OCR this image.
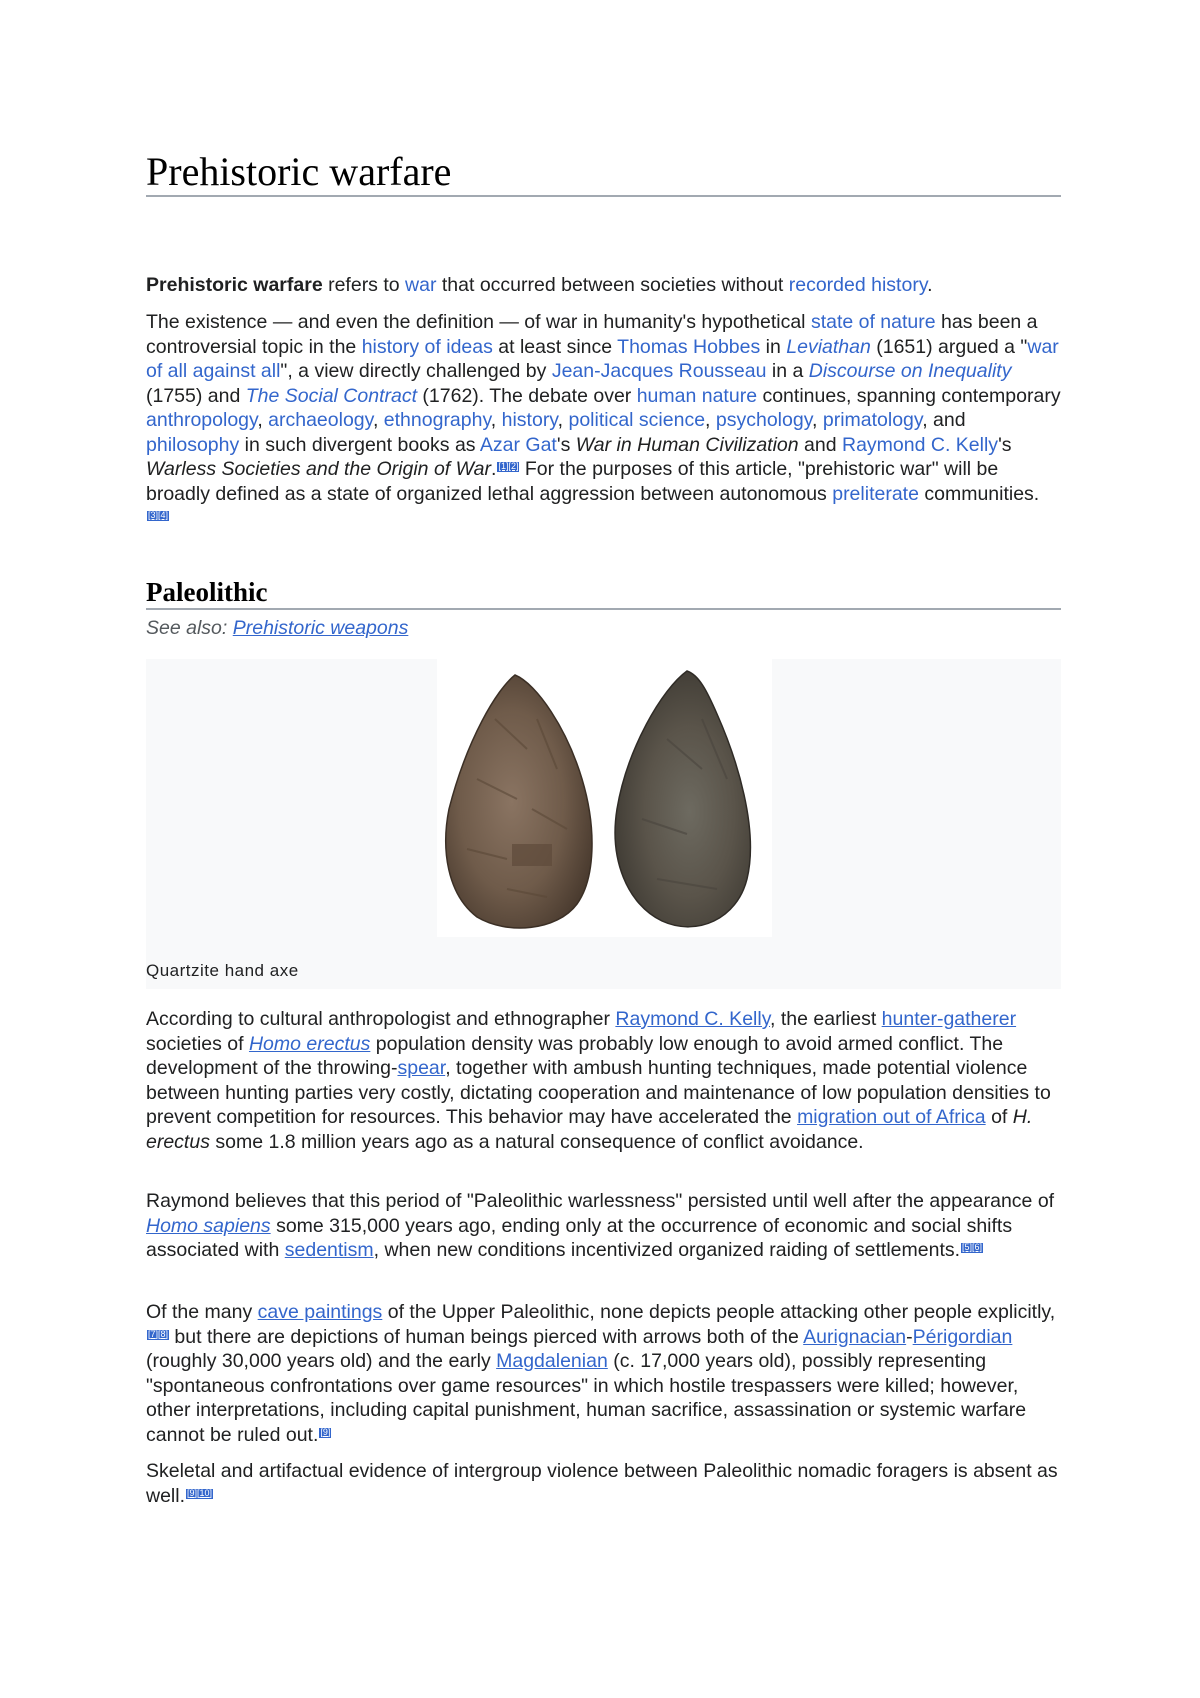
Prehistoric warfare

Prehistoric warfare refers to war that occurred between societies without recorded history.

The existence — and even the definition — of war in humanity's hypothetical state of nature has been a controversial topic in the history of ideas at least since Thomas Hobbes in Leviathan (1651) argued a "war of all against all", a view directly challenged by Jean-Jacques Rousseau in a Discourse on Inequality (1755) and The Social Contract (1762). The debate over human nature continues, spanning contemporary anthropology, archaeology, ethnography, history, political science, psychology, primatology, and philosophy in such divergent books as Azar Gat's War in Human Civilization and Raymond C. Kelly's Warless Societies and the Origin of War. [1][2] For the purposes of this article, "prehistoric war" will be broadly defined as a state of organized lethal aggression between autonomous preliterate communities.[3][4]

Paleolithic
See also: Prehistoric weapons
Quartzite hand axe

According to cultural anthropologist and ethnographer Raymond C. Kelly, the earliest hunter-gatherer societies of Homo erectus population density was probably low enough to avoid armed conflict. The development of the throwing-spear, together with ambush hunting techniques, made potential violence between hunting parties very costly, dictating cooperation and maintenance of low population densities to prevent competition for resources. This behavior may have accelerated the migration out of Africa of H. erectus some 1.8 million years ago as a natural consequence of conflict avoidance.

Raymond believes that this period of "Paleolithic warlessness" persisted until well after the appearance of Homo sapiens some 315,000 years ago, ending only at the occurrence of economic and social shifts associated with sedentism, when new conditions incentivized organized raiding of settlements. [5][6]

Of the many cave paintings of the Upper Paleolithic, none depicts people attacking other people explicitly,[7][8] but there are depictions of human beings pierced with arrows both of the Aurignacian-Périgordian (roughly 30,000 years old) and the early Magdalenian (c. 17,000 years old), possibly representing "spontaneous confrontations over game resources" in which hostile trespassers were killed; however, other interpretations, including capital punishment, human sacrifice, assassination or systemic warfare cannot be ruled out. [9]

Skeletal and artifactual evidence of intergroup violence between Paleolithic nomadic foragers is absent as well. [9][10]
